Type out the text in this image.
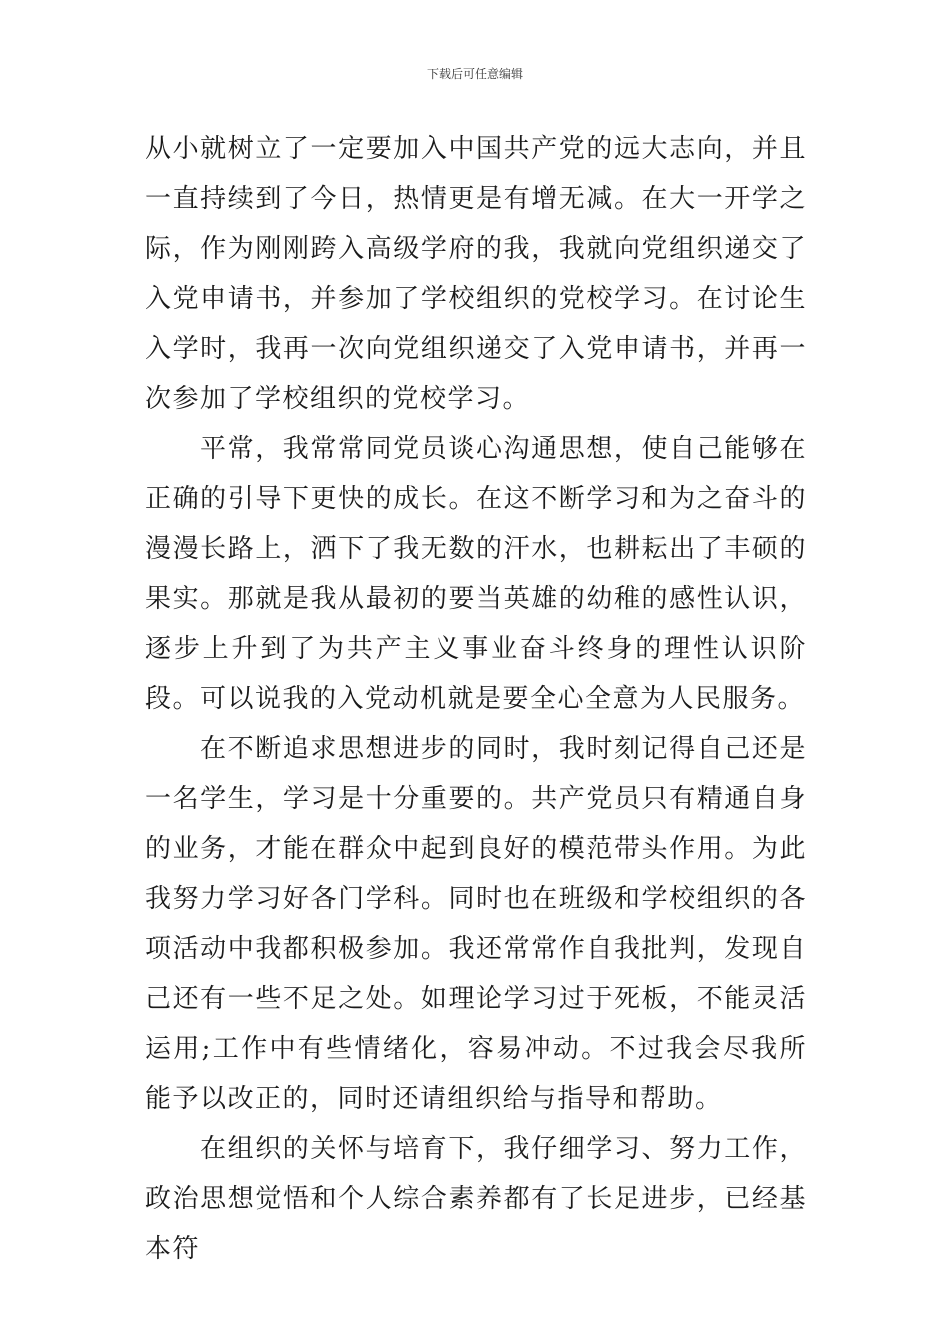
下载后可任意编辑

从小就树立了一定要加入中国共产党的远大志向，并且一直持续到了今日，热情更是有增无减。在大一开学之际，作为刚刚跨入高级学府的我，我就向党组织递交了入党申请书，并参加了学校组织的党校学习。在讨论生入学时，我再一次向党组织递交了入党申请书，并再一次参加了学校组织的党校学习。

平常，我常常同党员谈心沟通思想，使自己能够在正确的引导下更快的成长。在这不断学习和为之奋斗的漫漫长路上，洒下了我无数的汗水，也耕耘出了丰硕的果实。那就是我从最初的要当英雄的幼稚的感性认识，逐步上升到了为共产主义事业奋斗终身的理性认识阶段。可以说我的入党动机就是要全心全意为人民服务。

在不断追求思想进步的同时，我时刻记得自己还是一名学生，学习是十分重要的。共产党员只有精通自身的业务，才能在群众中起到良好的模范带头作用。为此我努力学习好各门学科。同时也在班级和学校组织的各项活动中我都积极参加。我还常常作自我批判，发现自己还有一些不足之处。如理论学习过于死板，不能灵活运用;工作中有些情绪化，容易冲动。不过我会尽我所能予以改正的，同时还请组织给与指导和帮助。

在组织的关怀与培育下，我仔细学习、努力工作，政治思想觉悟和个人综合素养都有了长足进步，已经基本符
